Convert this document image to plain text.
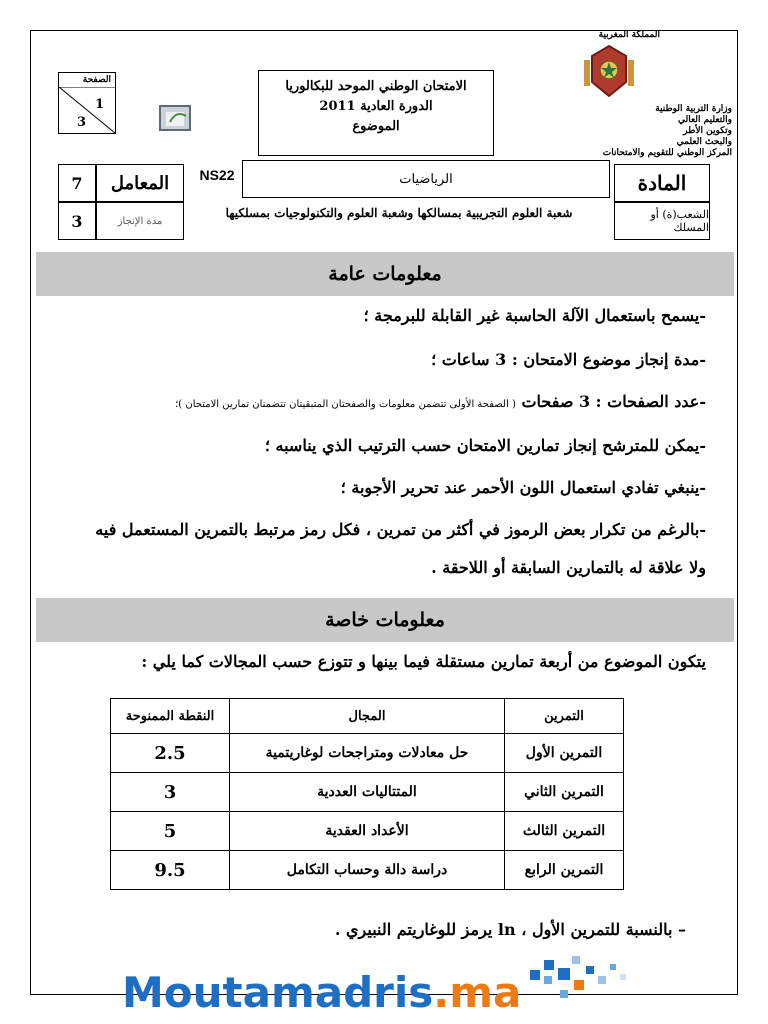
الصفحة
1
3
الامتحان الوطني الموحد للبكالوريا
الدورة العادية 2011
الموضوع
المملكة المغربية
وزارة التربية الوطنية
والتعليم العالي
وتكوين الأطر
والبحث العلمي
المركز الوطني للتقويم والامتحانات
7	المعامل	NS22	الرياضيات	المادة
3	مدة الإنجاز
شعبة العلوم التجريبية بمسالكها وشعبة العلوم والتكنولوجيات بمسلكيها	الشعب(ة) أو المسلك
معلومات عامة
-يسمح باستعمال الآلة الحاسبة غير القابلة للبرمجة ؛
-مدة إنجاز موضوع الامتحان : 3 ساعات ؛
-عدد الصفحات : 3 صفحات ( الصفحة الأولى تتضمن معلومات والصفحتان المتبقيتان تتضمنان تمارين الامتحان )؛
-يمكن للمترشح إنجاز تمارين الامتحان حسب الترتيب الذي يناسبه ؛
-ينبغي تفادي استعمال اللون الأحمر عند تحرير الأجوبة ؛
-بالرغم من تكرار بعض الرموز في أكثر من تمرين ، فكل رمز مرتبط بالتمرين المستعمل فيه
ولا علاقة له بالتمارين السابقة أو اللاحقة .
معلومات خاصة
يتكون الموضوع من أربعة تمارين مستقلة فيما بينها و تتوزع حسب المجالات كما يلي :
التمرين	المجال	النقطة الممنوحة
التمرين الأول	حل معادلات ومتراجحات لوغاريتمية	2.5
التمرين الثاني	المتتاليات العددية	3
التمرين الثالث	الأعداد العقدية	5
التمرين الرابع	دراسة دالة وحساب التكامل	9.5
– بالنسبة للتمرين الأول ، ln يرمز للوغاريتم النبيري .
Moutamadris.ma
